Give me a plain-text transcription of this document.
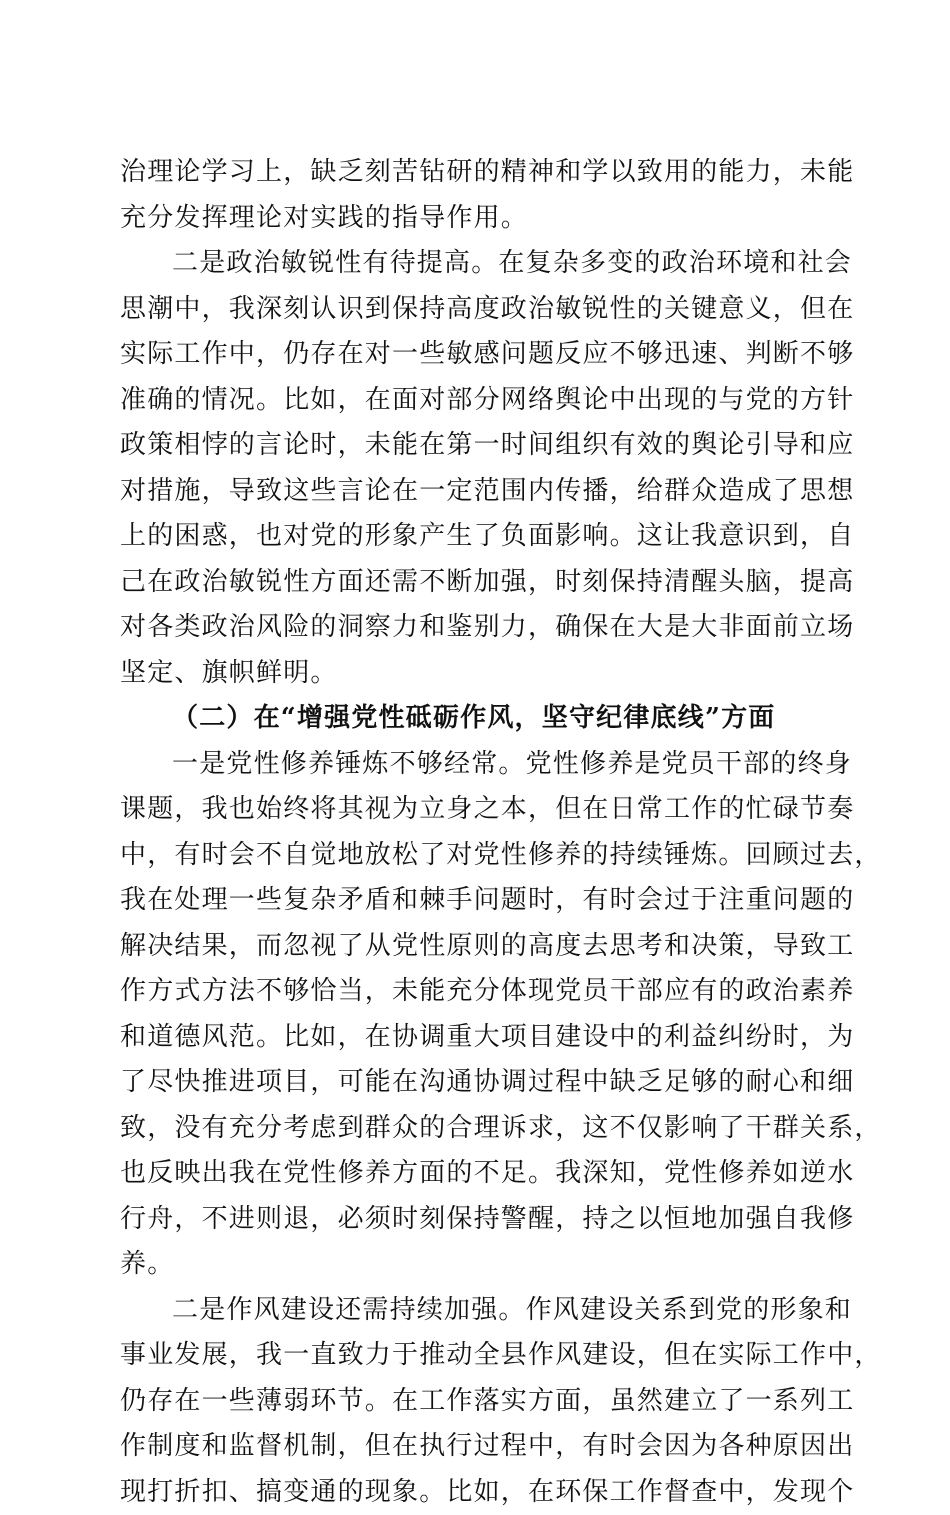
治理论学习上，缺乏刻苦钻研的精神和学以致用的能力，未能
充分发挥理论对实践的指导作用。
二是政治敏锐性有待提高。在复杂多变的政治环境和社会
思潮中，我深刻认识到保持高度政治敏锐性的关键意义，但在
实际工作中，仍存在对一些敏感问题反应不够迅速、判断不够
准确的情况。比如，在面对部分网络舆论中出现的与党的方针
政策相悖的言论时，未能在第一时间组织有效的舆论引导和应
对措施，导致这些言论在一定范围内传播，给群众造成了思想
上的困惑，也对党的形象产生了负面影响。这让我意识到，自
己在政治敏锐性方面还需不断加强，时刻保持清醒头脑，提高
对各类政治风险的洞察力和鉴别力，确保在大是大非面前立场
坚定、旗帜鲜明。
（二）在“增强党性砥砺作风，坚守纪律底线”方面
一是党性修养锤炼不够经常。党性修养是党员干部的终身
课题，我也始终将其视为立身之本，但在日常工作的忙碌节奏
中，有时会不自觉地放松了对党性修养的持续锤炼。回顾过去，
我在处理一些复杂矛盾和棘手问题时，有时会过于注重问题的
解决结果，而忽视了从党性原则的高度去思考和决策，导致工
作方式方法不够恰当，未能充分体现党员干部应有的政治素养
和道德风范。比如，在协调重大项目建设中的利益纠纷时，为
了尽快推进项目，可能在沟通协调过程中缺乏足够的耐心和细
致，没有充分考虑到群众的合理诉求，这不仅影响了干群关系，
也反映出我在党性修养方面的不足。我深知，党性修养如逆水
行舟，不进则退，必须时刻保持警醒，持之以恒地加强自我修
养。
二是作风建设还需持续加强。作风建设关系到党的形象和
事业发展，我一直致力于推动全县作风建设，但在实际工作中，
仍存在一些薄弱环节。在工作落实方面，虽然建立了一系列工
作制度和监督机制，但在执行过程中，有时会因为各种原因出
现打折扣、搞变通的现象。比如，在环保工作督查中，发现个
